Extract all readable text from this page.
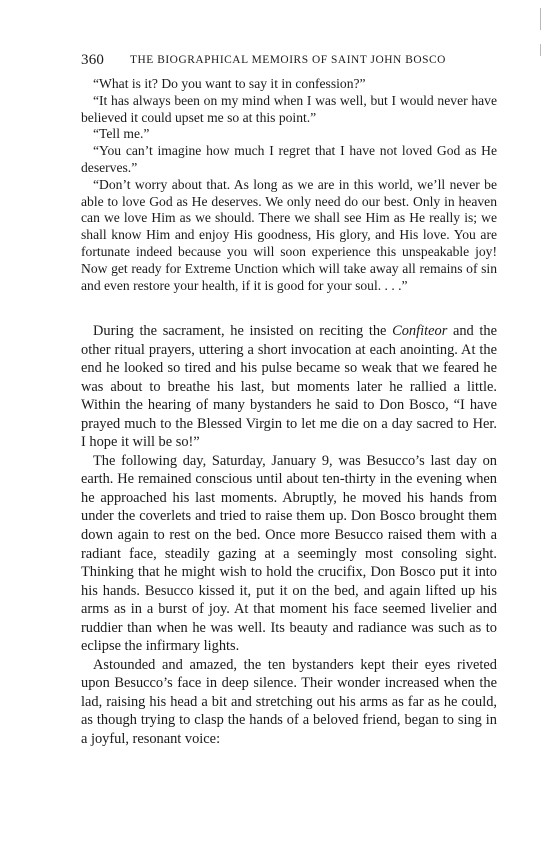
360 THE BIOGRAPHICAL MEMOIRS OF SAINT JOHN BOSCO

“What is it? Do you want to say it in confession?”

“It has always been on my mind when I was well, but I would never have believed it could upset me so at this point.”

“Tell me.”

“You can’t imagine how much I regret that I have not loved God as He deserves.”

“Don’t worry about that. As long as we are in this world, we’ll never be able to love God as He deserves. We only need do our best. Only in heaven can we love Him as we should. There we shall see Him as He really is; we shall know Him and enjoy His goodness, His glory, and His love. You are fortunate indeed because you will soon experience this unspeakable joy! Now get ready for Extreme Unction which will take away all remains of sin and even restore your health, if it is good for your soul. . . .”

During the sacrament, he insisted on reciting the Confiteor and the other ritual prayers, uttering a short invocation at each anointing. At the end he looked so tired and his pulse became so weak that we feared he was about to breathe his last, but moments later he rallied a little. Within the hearing of many bystanders he said to Don Bosco, “I have prayed much to the Blessed Virgin to let me die on a day sacred to Her. I hope it will be so!”

The following day, Saturday, January 9, was Besucco’s last day on earth. He remained conscious until about ten-thirty in the evening when he approached his last moments. Abruptly, he moved his hands from under the coverlets and tried to raise them up. Don Bosco brought them down again to rest on the bed. Once more Besucco raised them with a radiant face, steadily gazing at a seemingly most consoling sight. Thinking that he might wish to hold the crucifix, Don Bosco put it into his hands. Besucco kissed it, put it on the bed, and again lifted up his arms as in a burst of joy. At that moment his face seemed livelier and ruddier than when he was well. Its beauty and radiance was such as to eclipse the infirmary lights.

Astounded and amazed, the ten bystanders kept their eyes riveted upon Besucco’s face in deep silence. Their wonder increased when the lad, raising his head a bit and stretching out his arms as far as he could, as though trying to clasp the hands of a beloved friend, began to sing in a joyful, resonant voice:
